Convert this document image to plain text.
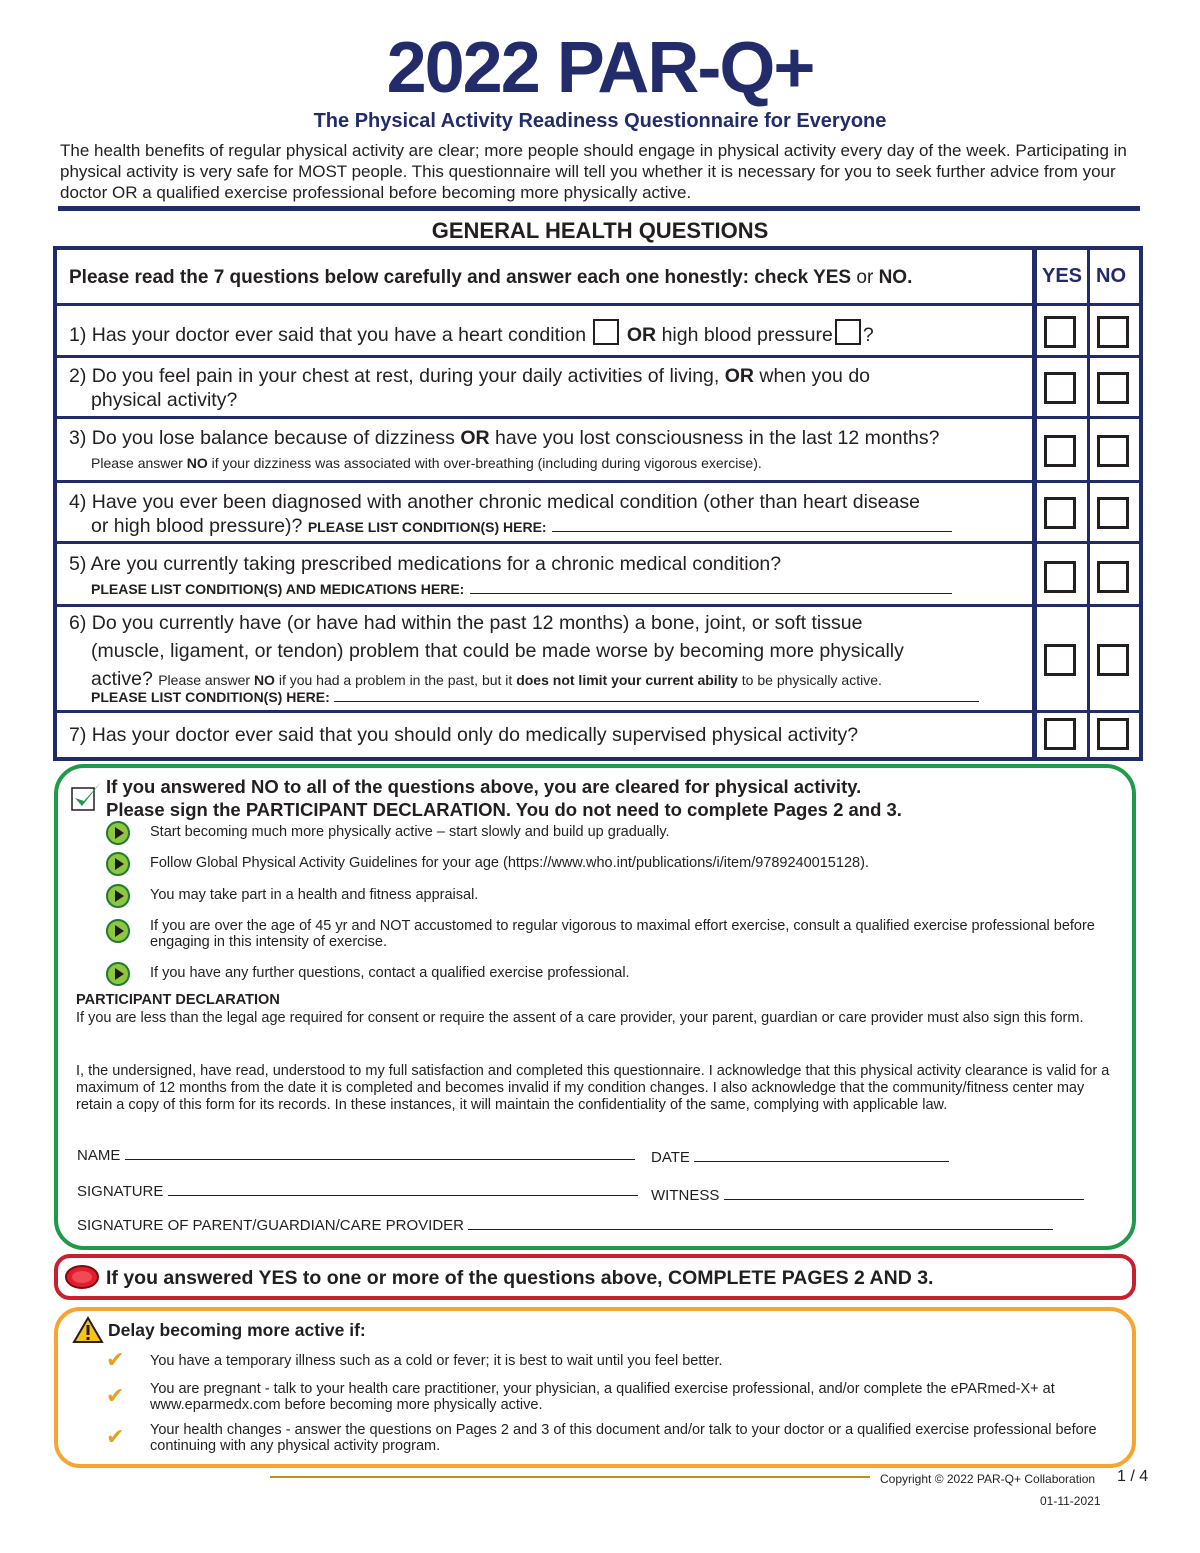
2022 PAR-Q+
The Physical Activity Readiness Questionnaire for Everyone
The health benefits of regular physical activity are clear; more people should engage in physical activity every day of the week. Participating in physical activity is very safe for MOST people. This questionnaire will tell you whether it is necessary for you to seek further advice from your doctor OR a qualified exercise professional before becoming more physically active.
GENERAL HEALTH QUESTIONS
Please read the 7 questions below carefully and answer each one honestly: check YES or NO.	YES NO
1) Has your doctor ever said that you have a heart condition OR high blood pressure ?
2) Do you feel pain in your chest at rest, during your daily activities of living, OR when you do
physical activity?
3) Do you lose balance because of dizziness OR have you lost consciousness in the last 12 months?
Please answer NO if your dizziness was associated with over-breathing (including during vigorous exercise).
4) Have you ever been diagnosed with another chronic medical condition (other than heart disease
or high blood pressure)? PLEASE LIST CONDITION(S) HERE:
5) Are you currently taking prescribed medications for a chronic medical condition?
PLEASE LIST CONDITION(S) AND MEDICATIONS HERE:
6) Do you currently have (or have had within the past 12 months) a bone, joint, or soft tissue
(muscle, ligament, or tendon) problem that could be made worse by becoming more physically
active? Please answer NO if you had a problem in the past, but it does not limit your current ability to be physically active.
PLEASE LIST CONDITION(S) HERE:
7) Has your doctor ever said that you should only do medically supervised physical activity?
If you answered NO to all of the questions above, you are cleared for physical activity.
Please sign the PARTICIPANT DECLARATION. You do not need to complete Pages 2 and 3.
Start becoming much more physically active – start slowly and build up gradually.
Follow Global Physical Activity Guidelines for your age (https://www.who.int/publications/i/item/9789240015128).
You may take part in a health and fitness appraisal.
If you are over the age of 45 yr and NOT accustomed to regular vigorous to maximal effort exercise, consult a qualified exercise professional before engaging in this intensity of exercise.
If you have any further questions, contact a qualified exercise professional.
PARTICIPANT DECLARATION
If you are less than the legal age required for consent or require the assent of a care provider, your parent, guardian or care provider must also sign this form.
I, the undersigned, have read, understood to my full satisfaction and completed this questionnaire. I acknowledge that this physical activity clearance is valid for a maximum of 12 months from the date it is completed and becomes invalid if my condition changes. I also acknowledge that the community/fitness center may retain a copy of this form for its records. In these instances, it will maintain the confidentiality of the same, complying with applicable law.
NAME	DATE
SIGNATURE	WITNESS
SIGNATURE OF PARENT/GUARDIAN/CARE PROVIDER
If you answered YES to one or more of the questions above, COMPLETE PAGES 2 AND 3.
Delay becoming more active if:
✔ You have a temporary illness such as a cold or fever; it is best to wait until you feel better.
✔ You are pregnant - talk to your health care practitioner, your physician, a qualified exercise professional, and/or complete the ePARmed-X+ at www.eparmedx.com before becoming more physically active.
✔ Your health changes - answer the questions on Pages 2 and 3 of this document and/or talk to your doctor or a qualified exercise professional before continuing with any physical activity program.
Copyright © 2022 PAR-Q+ Collaboration 1 / 4
01-11-2021
